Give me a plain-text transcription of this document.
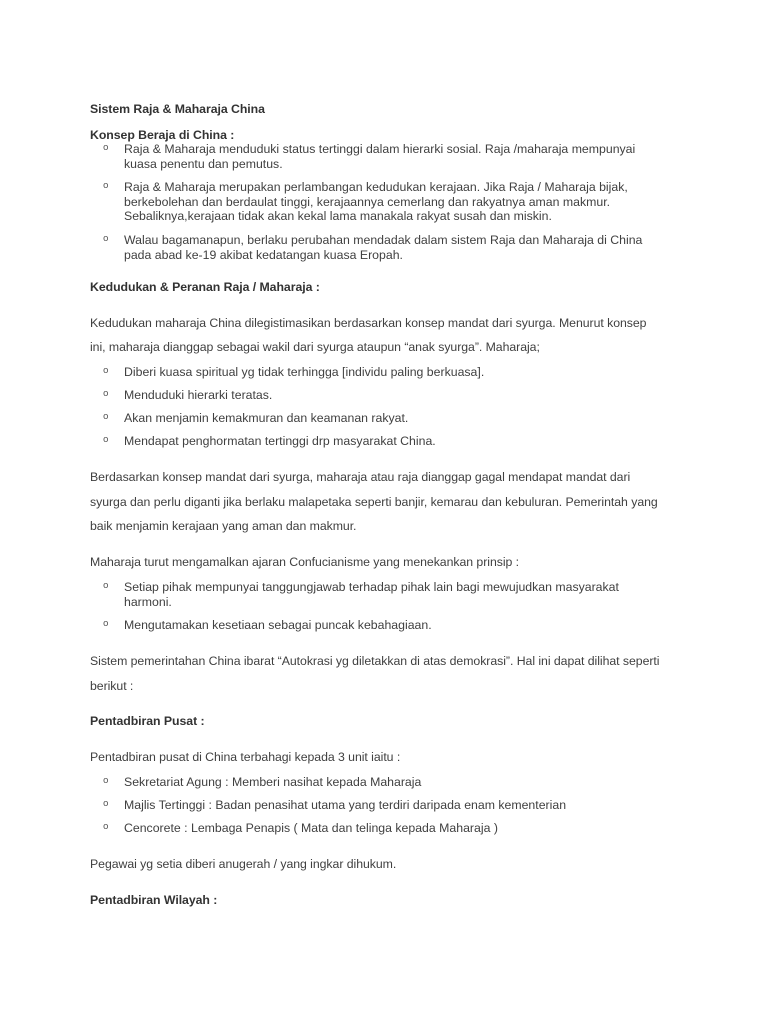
Sistem Raja & Maharaja China
Konsep Beraja di China :
o Raja & Maharaja menduduki status tertinggi dalam hierarki sosial. Raja /maharaja mempunyai
kuasa penentu dan pemutus.
o Raja & Maharaja merupakan perlambangan kedudukan kerajaan. Jika Raja / Maharaja bijak,
berkebolehan dan berdaulat tinggi, kerajaannya cemerlang dan rakyatnya aman makmur.
Sebaliknya,kerajaan tidak akan kekal lama manakala rakyat susah dan miskin.
o Walau bagamanapun, berlaku perubahan mendadak dalam sistem Raja dan Maharaja di China
pada abad ke-19 akibat kedatangan kuasa Eropah.
Kedudukan & Peranan Raja / Maharaja :
Kedudukan maharaja China dilegistimasikan berdasarkan konsep mandat dari syurga. Menurut konsep
ini, maharaja dianggap sebagai wakil dari syurga ataupun “anak syurga”. Maharaja;
o Diberi kuasa spiritual yg tidak terhingga [individu paling berkuasa].
o Menduduki hierarki teratas.
o Akan menjamin kemakmuran dan keamanan rakyat.
o Mendapat penghormatan tertinggi drp masyarakat China.
Berdasarkan konsep mandat dari syurga, maharaja atau raja dianggap gagal mendapat mandat dari
syurga dan perlu diganti jika berlaku malapetaka seperti banjir, kemarau dan kebuluran. Pemerintah yang
baik menjamin kerajaan yang aman dan makmur.
Maharaja turut mengamalkan ajaran Confucianisme yang menekankan prinsip :
o Setiap pihak mempunyai tanggungjawab terhadap pihak lain bagi mewujudkan masyarakat
harmoni.
o Mengutamakan kesetiaan sebagai puncak kebahagiaan.
Sistem pemerintahan China ibarat “Autokrasi yg diletakkan di atas demokrasi”. Hal ini dapat dilihat seperti
berikut :
Pentadbiran Pusat :
Pentadbiran pusat di China terbahagi kepada 3 unit iaitu :
o Sekretariat Agung : Memberi nasihat kepada Maharaja
o Majlis Tertinggi : Badan penasihat utama yang terdiri daripada enam kementerian
o Cencorete : Lembaga Penapis ( Mata dan telinga kepada Maharaja )
Pegawai yg setia diberi anugerah / yang ingkar dihukum.
Pentadbiran Wilayah :
